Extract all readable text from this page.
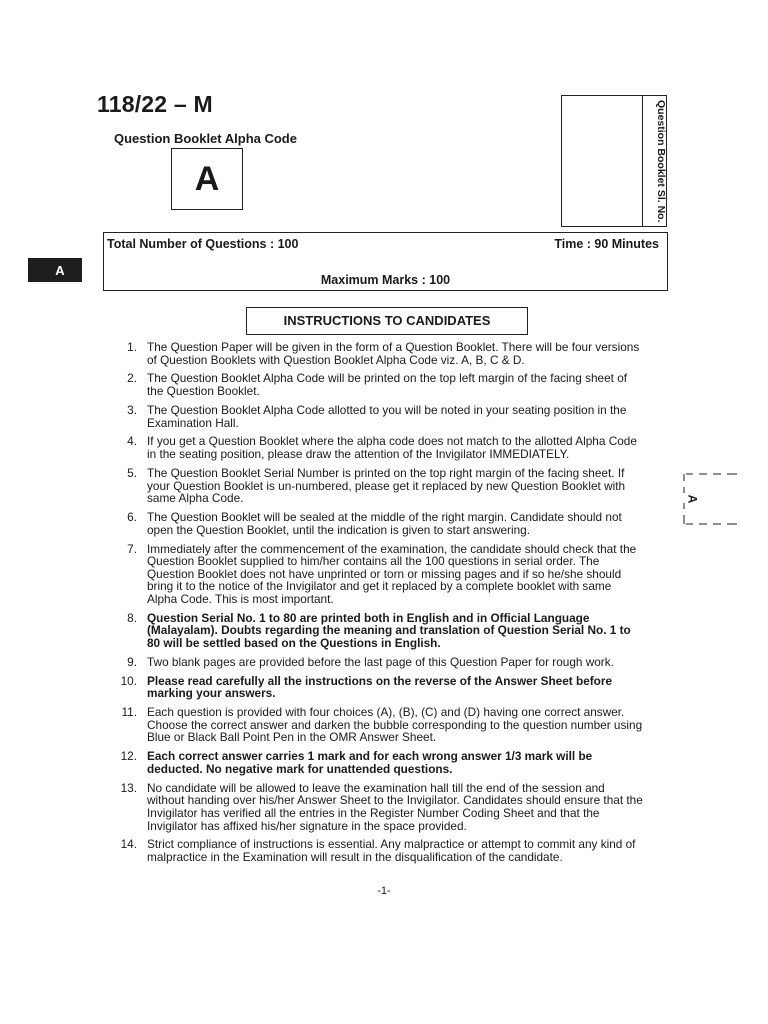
118/22 – M
Question Booklet Alpha Code
A	Question Booklet Sl. No.
A
Total Number of Questions : 100	Time : 90 Minutes
Maximum Marks : 100
INSTRUCTIONS TO CANDIDATES
1. The Question Paper will be given in the form of a Question Booklet. There will be four versions of Question Booklets with Question Booklet Alpha Code viz. A, B, C & D.
2. The Question Booklet Alpha Code will be printed on the top left margin of the facing sheet of the Question Booklet.
3. The Question Booklet Alpha Code allotted to you will be noted in your seating position in the Examination Hall.
4. If you get a Question Booklet where the alpha code does not match to the allotted Alpha Code in the seating position, please draw the attention of the Invigilator IMMEDIATELY.
5. The Question Booklet Serial Number is printed on the top right margin of the facing sheet. If your Question Booklet is un-numbered, please get it replaced by new Question Booklet with same Alpha Code.
6. The Question Booklet will be sealed at the middle of the right margin. Candidate should not open the Question Booklet, until the indication is given to start answering.
7. Immediately after the commencement of the examination, the candidate should check that the Question Booklet supplied to him/her contains all the 100 questions in serial order. The Question Booklet does not have unprinted or torn or missing pages and if so he/she should bring it to the notice of the Invigilator and get it replaced by a complete booklet with same Alpha Code. This is most important.
8. Question Serial No. 1 to 80 are printed both in English and in Official Language (Malayalam). Doubts regarding the meaning and translation of Question Serial No. 1 to 80 will be settled based on the Questions in English.
9. Two blank pages are provided before the last page of this Question Paper for rough work.
10. Please read carefully all the instructions on the reverse of the Answer Sheet before marking your answers.
11. Each question is provided with four choices (A), (B), (C) and (D) having one correct answer. Choose the correct answer and darken the bubble corresponding to the question number using Blue or Black Ball Point Pen in the OMR Answer Sheet.
12. Each correct answer carries 1 mark and for each wrong answer 1/3 mark will be deducted. No negative mark for unattended questions.
13. No candidate will be allowed to leave the examination hall till the end of the session and without handing over his/her Answer Sheet to the Invigilator. Candidates should ensure that the Invigilator has verified all the entries in the Register Number Coding Sheet and that the Invigilator has affixed his/her signature in the space provided.
14. Strict compliance of instructions is essential. Any malpractice or attempt to commit any kind of malpractice in the Examination will result in the disqualification of the candidate.
A
-1-
